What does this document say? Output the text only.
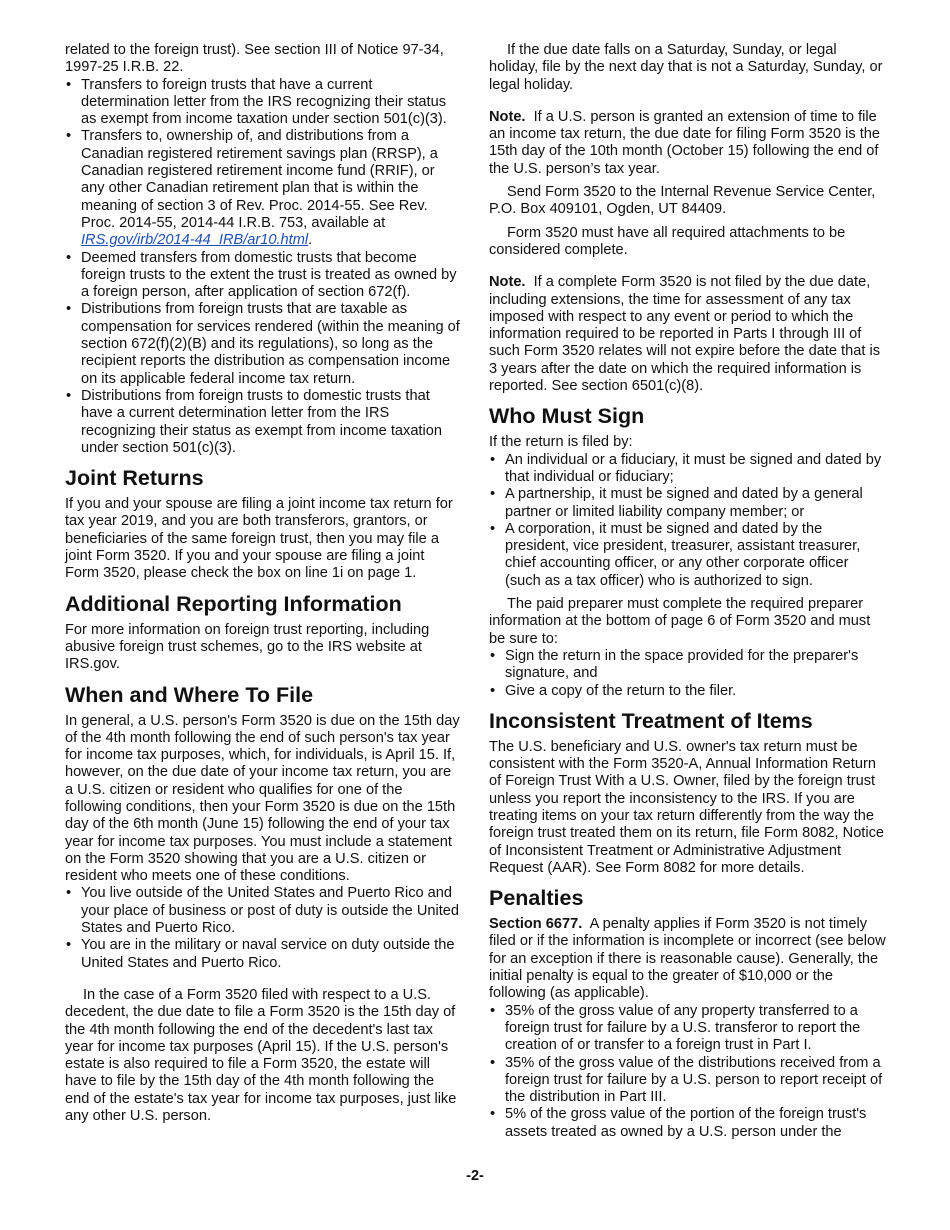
related to the foreign trust). See section III of Notice 97-34, 1997-25 I.R.B. 22.

• Transfers to foreign trusts that have a current determination letter from the IRS recognizing their status as exempt from income taxation under section 501(c)(3).

• Transfers to, ownership of, and distributions from a Canadian registered retirement savings plan (RRSP), a Canadian registered retirement income fund (RRIF), or any other Canadian retirement plan that is within the meaning of section 3 of Rev. Proc. 2014-55. See Rev. Proc. 2014-55, 2014-44 I.R.B. 753, available at IRS.gov/irb/2014-44_IRB/ar10.html.

• Deemed transfers from domestic trusts that become foreign trusts to the extent the trust is treated as owned by a foreign person, after application of section 672(f).

• Distributions from foreign trusts that are taxable as compensation for services rendered (within the meaning of section 672(f)(2)(B) and its regulations), so long as the recipient reports the distribution as compensation income on its applicable federal income tax return.

• Distributions from foreign trusts to domestic trusts that have a current determination letter from the IRS recognizing their status as exempt from income taxation under section 501(c)(3).

Joint Returns

If you and your spouse are filing a joint income tax return for tax year 2019, and you are both transferors, grantors, or beneficiaries of the same foreign trust, then you may file a joint Form 3520. If you and your spouse are filing a joint Form 3520, please check the box on line 1i on page 1.

Additional Reporting Information

For more information on foreign trust reporting, including abusive foreign trust schemes, go to the IRS website at IRS.gov.

When and Where To File

In general, a U.S. person's Form 3520 is due on the 15th day of the 4th month following the end of such person's tax year for income tax purposes, which, for individuals, is April 15. If, however, on the due date of your income tax return, you are a U.S. citizen or resident who qualifies for one of the following conditions, then your Form 3520 is due on the 15th day of the 6th month (June 15) following the end of your tax year for income tax purposes. You must include a statement on the Form 3520 showing that you are a U.S. citizen or resident who meets one of these conditions.

• You live outside of the United States and Puerto Rico and your place of business or post of duty is outside the United States and Puerto Rico.

• You are in the military or naval service on duty outside the United States and Puerto Rico.

In the case of a Form 3520 filed with respect to a U.S. decedent, the due date to file a Form 3520 is the 15th day of the 4th month following the end of the decedent's last tax year for income tax purposes (April 15). If the U.S. person's estate is also required to file a Form 3520, the estate will have to file by the 15th day of the 4th month following the end of the estate's tax year for income tax purposes, just like any other U.S. person.

If the due date falls on a Saturday, Sunday, or legal holiday, file by the next day that is not a Saturday, Sunday, or legal holiday.

Note. If a U.S. person is granted an extension of time to file an income tax return, the due date for filing Form 3520 is the 15th day of the 10th month (October 15) following the end of the U.S. person’s tax year.

Send Form 3520 to the Internal Revenue Service Center, P.O. Box 409101, Ogden, UT 84409.

Form 3520 must have all required attachments to be considered complete.

Note. If a complete Form 3520 is not filed by the due date, including extensions, the time for assessment of any tax imposed with respect to any event or period to which the information required to be reported in Parts I through III of such Form 3520 relates will not expire before the date that is 3 years after the date on which the required information is reported. See section 6501(c)(8).

Who Must Sign

If the return is filed by:

• An individual or a fiduciary, it must be signed and dated by that individual or fiduciary;

• A partnership, it must be signed and dated by a general partner or limited liability company member; or

• A corporation, it must be signed and dated by the president, vice president, treasurer, assistant treasurer, chief accounting officer, or any other corporate officer (such as a tax officer) who is authorized to sign.

The paid preparer must complete the required preparer information at the bottom of page 6 of Form 3520 and must be sure to:

• Sign the return in the space provided for the preparer's signature, and

• Give a copy of the return to the filer.

Inconsistent Treatment of Items

The U.S. beneficiary and U.S. owner's tax return must be consistent with the Form 3520-A, Annual Information Return of Foreign Trust With a U.S. Owner, filed by the foreign trust unless you report the inconsistency to the IRS. If you are treating items on your tax return differently from the way the foreign trust treated them on its return, file Form 8082, Notice of Inconsistent Treatment or Administrative Adjustment Request (AAR). See Form 8082 for more details.

Penalties

Section 6677. A penalty applies if Form 3520 is not timely filed or if the information is incomplete or incorrect (see below for an exception if there is reasonable cause). Generally, the initial penalty is equal to the greater of $10,000 or the following (as applicable).

• 35% of the gross value of any property transferred to a foreign trust for failure by a U.S. transferor to report the creation of or transfer to a foreign trust in Part I.

• 35% of the gross value of the distributions received from a foreign trust for failure by a U.S. person to report receipt of the distribution in Part III.

• 5% of the gross value of the portion of the foreign trust's assets treated as owned by a U.S. person under the

-2-
